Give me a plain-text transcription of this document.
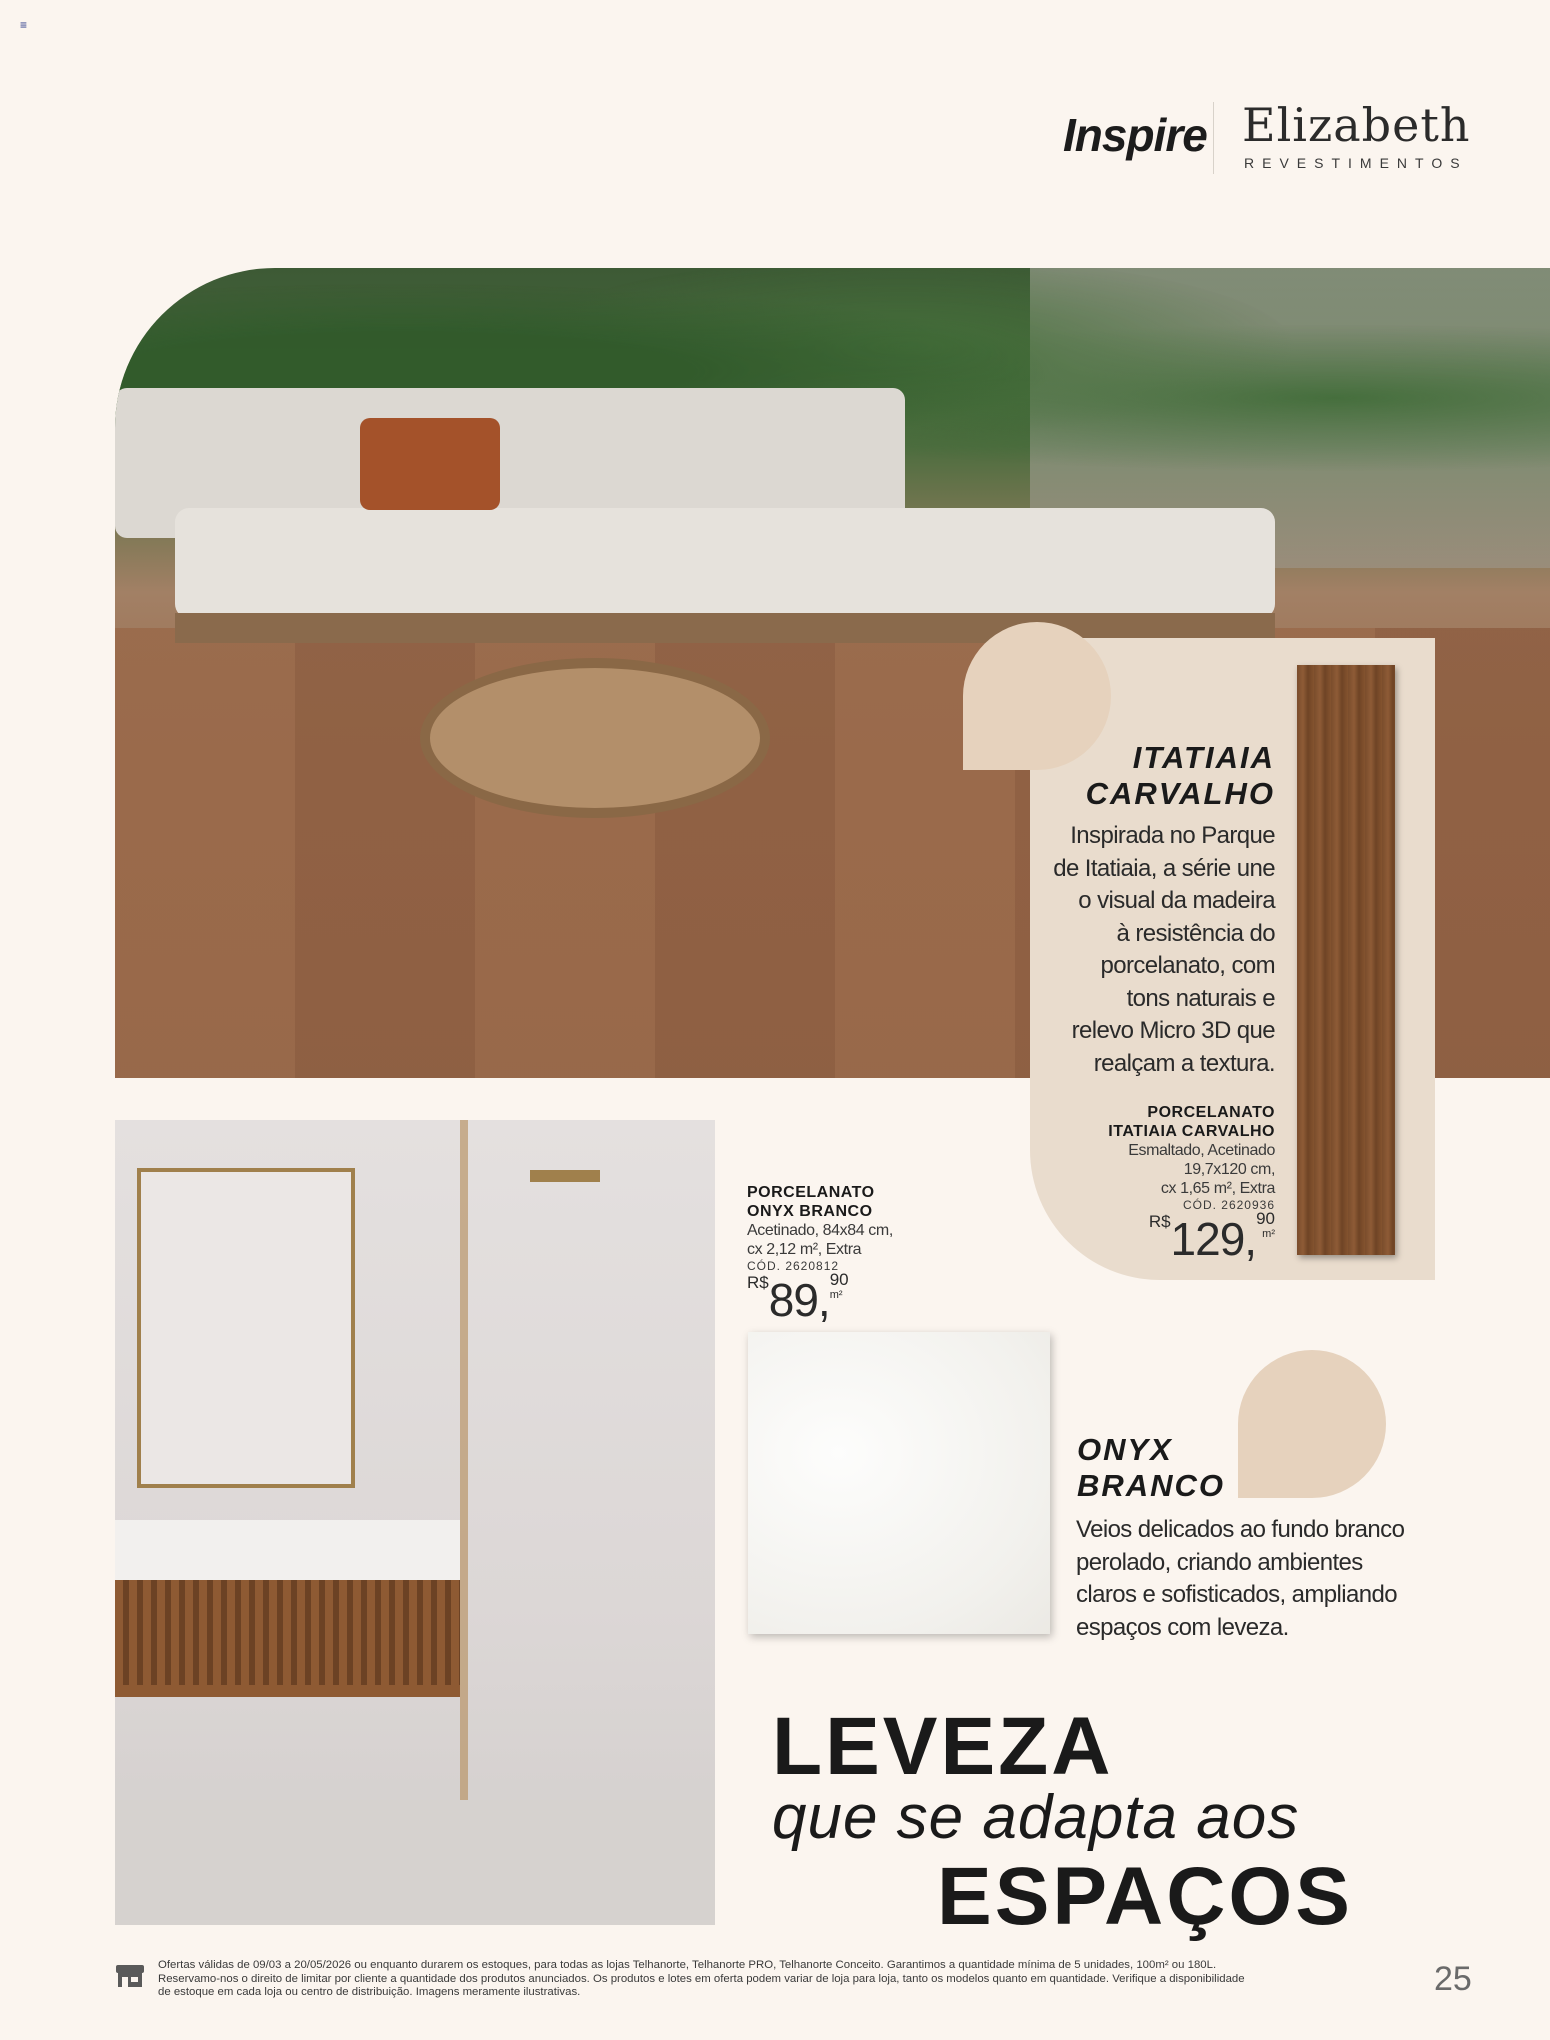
≡
Inspire Elizabeth
REVESTIMENTOS
ITATIAIA
CARVALHO
Inspirada no Parque
de Itatiaia, a série une
o visual da madeira
à resistência do
porcelanato, com
tons naturais e
relevo Micro 3D que
realçam a textura.
PORCELANATO
ITATIAIA CARVALHO
Esmaltado, Acetinado
19,7x120 cm,
cx 1,65 m², Extra
CÓD. 2620936
R$129,90
m²
PORCELANATO
ONYX BRANCO
Acetinado, 84x84 cm,
cx 2,12 m², Extra
CÓD. 2620812
R$89,90
m²
ONYX
BRANCO
Veios delicados ao fundo branco
perolado, criando ambientes
claros e sofisticados, ampliando
espaços com leveza.
LEVEZA
que se adapta aos
ESPAÇOS
Ofertas válidas de 09/03 a 20/05/2026 ou enquanto durarem os estoques, para todas as lojas Telhanorte, Telhanorte PRO, Telhanorte Conceito. Garantimos a quantidade mínima de 5 unidades, 100m² ou 180L. Reservamo-nos o direito de limitar por cliente a quantidade dos produtos anunciados. Os produtos e lotes em oferta podem variar de loja para loja, tanto os modelos quanto em quantidade. Verifique a disponibilidade de estoque em cada loja ou centro de distribuição. Imagens meramente ilustrativas.	25
